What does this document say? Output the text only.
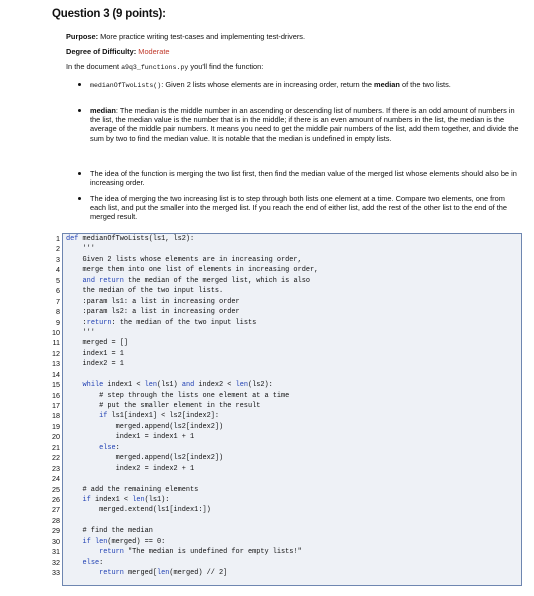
Question 3 (9 points):
Purpose: More practice writing test-cases and implementing test-drivers.
Degree of Difficulty: Moderate
In the document a9q3_functions.py you'll find the function:
medianOfTwoLists(): Given 2 lists whose elements are in increasing order, return the median of the two lists.
median: The median is the middle number in an ascending or descending list of numbers. If there is an odd amount of numbers in the list, the median value is the number that is in the middle; if there is an even amount of numbers in the list, the median is the average of the middle pair numbers. It means you need to get the middle pair numbers of the list, add them together, and divide the sum by two to find the median value. It is notable that the median is undefined in empty lists.
The idea of the function is merging the two list first, then find the median value of the merged list whose elements should also be in increasing order.
The idea of merging the two increasing list is to step through both lists one element at a time. Compare two elements, one from each list, and put the smaller into the merged list. If you reach the end of either list, add the rest of the other list to the end of the merged result.
1
2
3
4
5
6
7
8
9
10
11
12
13
14
15
16
17
18
19
20
21
22
23
24
25
26
27
28
29
30
31
32
33
def medianOfTwoLists(ls1, ls2):
'''
Given 2 lists whose elements are in increasing order,
merge them into one list of elements in increasing order,
and return the median of the merged list, which is also
the median of the two input lists.
:param ls1: a list in increasing order
:param ls2: a list in increasing order
:return: the median of the two input lists
'''
merged = []
index1 = 1
index2 = 1
while index1 < len(ls1) and index2 < len(ls2):
# step through the lists one element at a time
# put the smaller element in the result
if ls1[index1] < ls2[index2]:
merged.append(ls2[index2])
index1 = index1 + 1
else:
merged.append(ls2[index2])
index2 = index2 + 1
# add the remaining elements
if index1 < len(ls1):
merged.extend(ls1[index1:])
# find the median
if len(merged) == 0:
return "The median is undefined for empty lists!"
else:
return merged[len(merged) // 2]
